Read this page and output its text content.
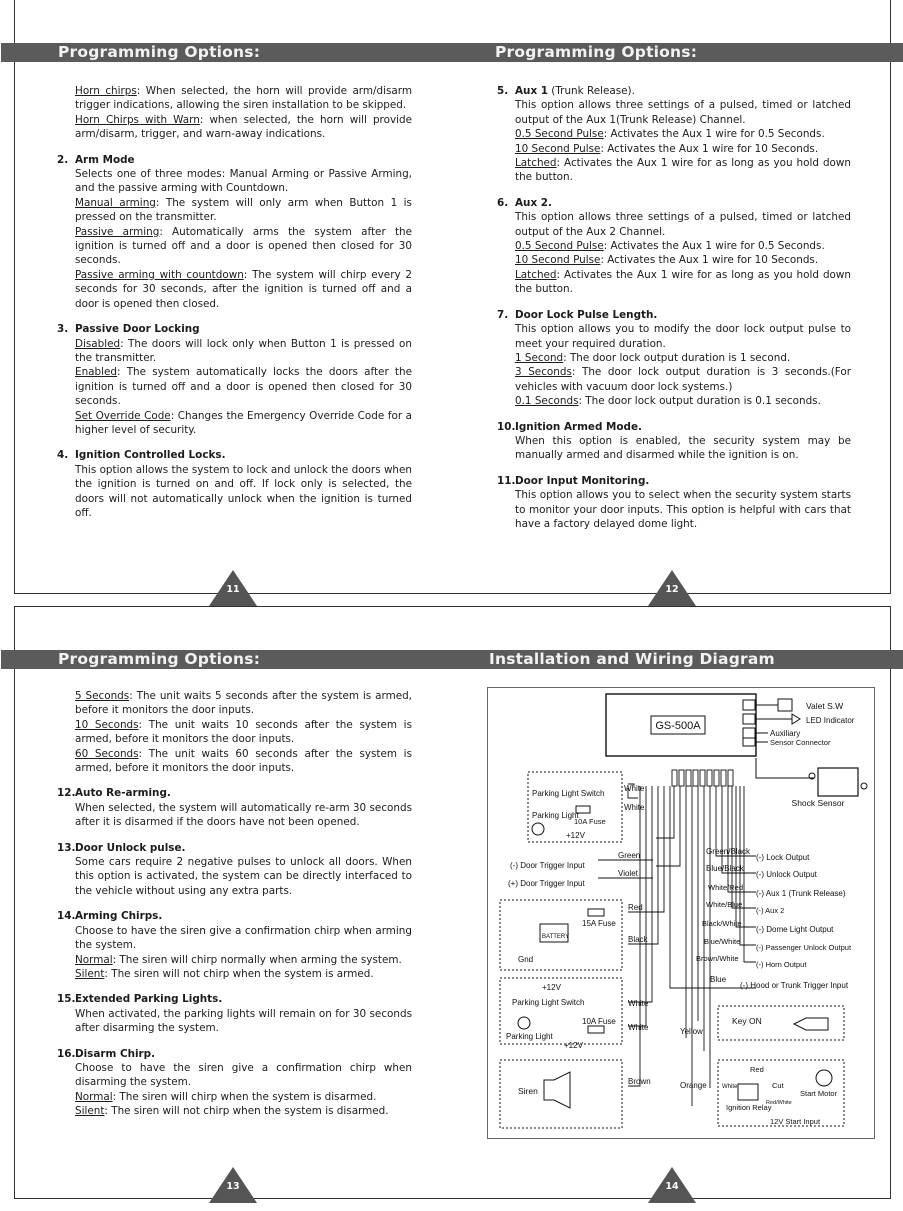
Programming Options:	Programming Options:

Horn chirps: When selected, the horn will provide arm/disarm trigger indications, allowing the siren installation to be skipped.

Horn Chirps with Warn: when selected, the horn will provide arm/disarm, trigger, and warn-away indications.

2. Arm Mode

Selects one of three modes: Manual Arming or Passive Arming, and the passive arming with Countdown.

Manual arming: The system will only arm when Button 1 is pressed on the transmitter.

Passive arming: Automatically arms the system after the ignition is turned off and a door is opened then closed for 30 seconds.

Passive arming with countdown: The system will chirp every 2 seconds for 30 seconds, after the ignition is turned off and a door is opened then closed.

3. Passive Door Locking

Disabled: The doors will lock only when Button 1 is pressed on the transmitter.

Enabled: The system automatically locks the doors after the ignition is turned off and a door is opened then closed for 30 seconds.

Set Override Code: Changes the Emergency Override Code for a higher level of security.

4. Ignition Controlled Locks.

This option allows the system to lock and unlock the doors when the ignition is turned on and off. If lock only is selected, the doors will not automatically unlock when the ignition is turned off.

5. Aux 1 (Trunk Release).

This option allows three settings of a pulsed, timed or latched output of the Aux 1(Trunk Release) Channel.

0.5 Second Pulse: Activates the Aux 1 wire for 0.5 Seconds.

10 Second Pulse: Activates the Aux 1 wire for 10 Seconds.

Latched: Activates the Aux 1 wire for as long as you hold down the button.

6. Aux 2.

This option allows three settings of a pulsed, timed or latched output of the Aux 2 Channel.

0.5 Second Pulse: Activates the Aux 1 wire for 0.5 Seconds.

10 Second Pulse: Activates the Aux 1 wire for 10 Seconds.

Latched: Activates the Aux 1 wire for as long as you hold down the button.

7. Door Lock Pulse Length.

This option allows you to modify the door lock output pulse to meet your required duration.

1 Second: The door lock output duration is 1 second.

3 Seconds: The door lock output duration is 3 seconds.(For vehicles with vacuum door lock systems.)

0.1 Seconds: The door lock output duration is 0.1 seconds.

10.Ignition Armed Mode.

When this option is enabled, the security system may be manually armed and disarmed while the ignition is on.

11.Door Input Monitoring.

This option allows you to select when the security system starts to monitor your door inputs. This option is helpful with cars that have a factory delayed dome light.

11	12
Programming Options:	Installation and Wiring Diagram

5 Seconds: The unit waits 5 seconds after the system is armed, before it monitors the door inputs.

10 Seconds: The unit waits 10 seconds after the system is armed, before it monitors the door inputs.

60 Seconds: The unit waits 60 seconds after the system is armed, before it monitors the door inputs.

12.Auto Re-arming.

When selected, the system will automatically re-arm 30 seconds after it is disarmed if the doors have not been opened.

13.Door Unlock pulse.

Some cars require 2 negative pulses to unlock all doors. When this option is activated, the system can be directly interfaced to the vehicle without using any extra parts.

14.Arming Chirps.

Choose to have the siren give a confirmation chirp when arming the system.

Normal: The siren will chirp normally when arming the system.

Silent: The siren will not chirp when the system is armed.

15.Extended Parking Lights.

When activated, the parking lights will remain on for 30 seconds after disarming the system.

16.Disarm Chirp.

Choose to have the siren give a confirmation chirp when disarming the system.

Normal: The siren will chirp when the system is disarmed.

Silent: The siren will not chirp when the system is disarmed.

GS-500A
Valet S.W
LED Indicator
Auxiliary
Sensor Connector
Shock Sensor
Parking Light Switch
Parking Light
10A Fuse
+12V
White
White
(-) Door Trigger Input
(+) Door Trigger Input
Green
Violet
15A Fuse
BATTERY
Gnd
Red
Black
+12V
Parking Light Switch
Parking Light
10A Fuse
+12V
White
White
Siren
Brown
Green/Black
(-) Lock Output
Blue/Black
(-) Unlock Output
White/Red
(-) Aux 1 (Trunk Release)
White/Blue
(-) Aux 2
Black/White
(-) Dome Light Output
Blue/White
(-) Passenger Unlock Output
Brown/White
(-) Horn Output
Blue
(-) Hood or Trunk Trigger Input
Yellow
Key ON
Orange
Red
White	Cut
Red/White
Start Motor
Ignition Relay
12V Start Input
13	14
